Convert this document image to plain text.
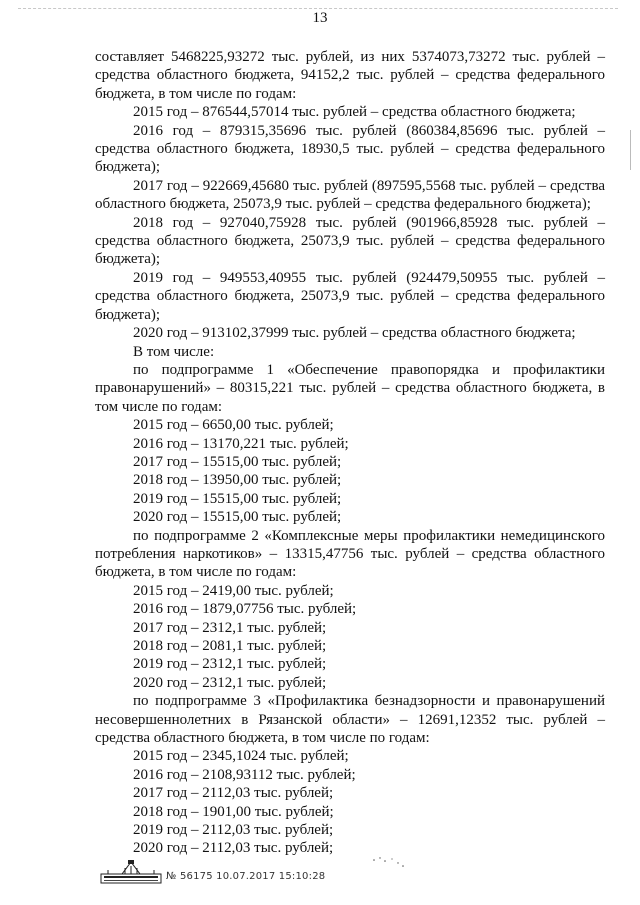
13

составляет 5468225,93272 тыс. рублей, из них 5374073,73272 тыс. рублей – средства областного бюджета, 94152,2 тыс. рублей – средства федерального бюджета, в том числе по годам:

2015 год – 876544,57014 тыс. рублей – средства областного бюджета;

2016 год – 879315,35696 тыс. рублей (860384,85696 тыс. рублей – средства областного бюджета, 18930,5 тыс. рублей – средства федерального бюджета);

2017 год – 922669,45680 тыс. рублей (897595,5568 тыс. рублей – средства областного бюджета, 25073,9 тыс. рублей – средства федерального бюджета);

2018 год – 927040,75928 тыс. рублей (901966,85928 тыс. рублей – средства областного бюджета, 25073,9 тыс. рублей – средства федерального бюджета);

2019 год – 949553,40955 тыс. рублей (924479,50955 тыс. рублей – средства областного бюджета, 25073,9 тыс. рублей – средства федерального бюджета);

2020 год – 913102,37999 тыс. рублей – средства областного бюджета;

В том числе:

по подпрограмме 1 «Обеспечение правопорядка и профилактики правонарушений» – 80315,221 тыс. рублей – средства областного бюджета, в том числе по годам:

2015 год – 6650,00 тыс. рублей;

2016 год – 13170,221 тыс. рублей;

2017 год – 15515,00 тыс. рублей;

2018 год – 13950,00 тыс. рублей;

2019 год – 15515,00 тыс. рублей;

2020 год – 15515,00 тыс. рублей;

по подпрограмме 2 «Комплексные меры профилактики немедицинского потребления наркотиков» – 13315,47756 тыс. рублей – средства областного бюджета, в том числе по годам:

2015 год – 2419,00 тыс. рублей;

2016 год – 1879,07756 тыс. рублей;

2017 год – 2312,1 тыс. рублей;

2018 год – 2081,1 тыс. рублей;

2019 год – 2312,1 тыс. рублей;

2020 год – 2312,1 тыс. рублей;

по подпрограмме 3 «Профилактика безнадзорности и правонарушений несовершеннолетних в Рязанской области» – 12691,12352 тыс. рублей – средства областного бюджета, в том числе по годам:

2015 год – 2345,1024 тыс. рублей;

2016 год – 2108,93112 тыс. рублей;

2017 год – 2112,03 тыс. рублей;

2018 год – 1901,00 тыс. рублей;

2019 год – 2112,03 тыс. рублей;

2020 год – 2112,03 тыс. рублей;

№ 56175 10.07.2017 15:10:28
